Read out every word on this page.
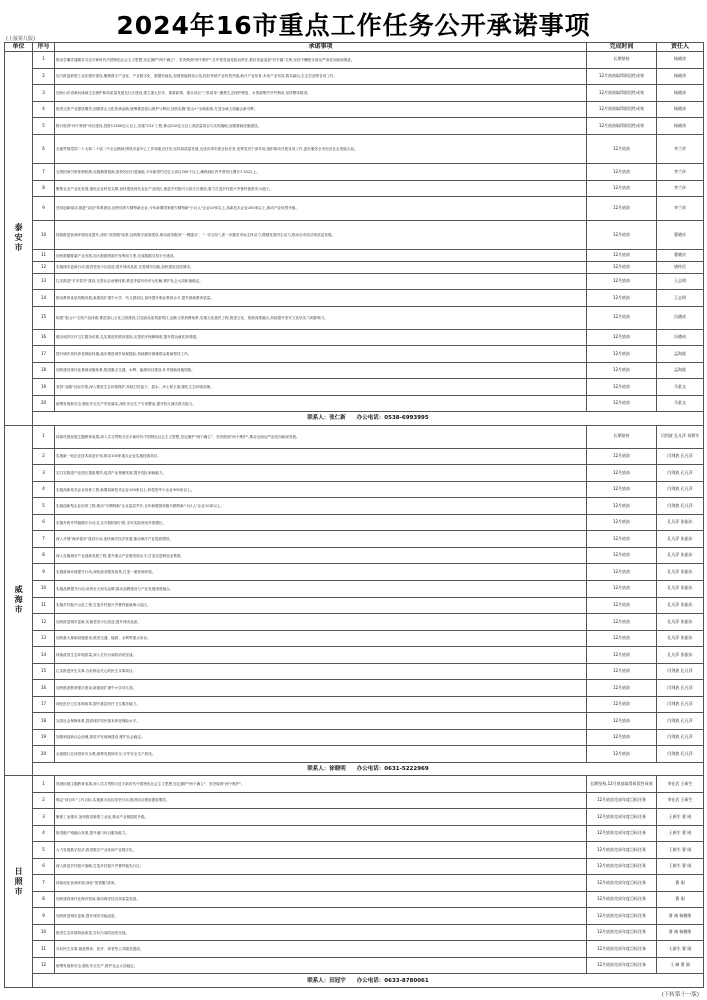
2024年16市重点工作任务公开承诺事项
(上接第九版)
单位	序号	承诺事项	完成时间	责任人
泰安市	1	推动学懂弄通做实习近平新时代中国特色社会主义思想,坚定拥护"两个确立"、坚决做到"两个维护",打牢管党治党政治责任,抓好省委巡视"后半篇"文章,坚持不懈把全面从严治党向纵深推进。	长期坚持	杨晓涛
	2	加力推进新型工业化强市建设,聚焦数字产业化、产业数字化、数据价值化,加强智能制造示范,抓好传统产业转型升级,新兴产业培育,未来产业布局,数实融合,生态打造等各项工作。	12月底前取得阶段性成效	杨晓涛
	3	加快山东省黄河流域生态保护和高质量发展先行区建设,建立重大任务、重要政策、重点项目"三张清单",聚焦生态保护修复、水资源集约节约利用,坚持整体推进。	12月底前取得阶段性成效	杨晓涛
	4	推进文旅产业提质增效,加强泰山文化传承创新,统筹推进泰山保护与利用,加快实施"泰山+"全域旅游,打造全域文旅融合新引擎。	12月底前取得阶段性成效	杨晓涛
	5	推行取得"四个特别"项目建设,投资11500亿元以上,实施"231"工程,推动210亿元以上高质量项目与实现落地,加强基础设施建设。	12月底前取得阶段性成效	杨晓涛
	6	全面贯彻党的二十大和二十届二中全会精神,围绕市委中心工作和重点任务,坚持高质量发展,完成各项年度目标任务,发挥党员干部作用,组织推动开展各项工作,更好服务全市经济社会发展大局。	12月底前	李兰祥
	7	完善招商引资体制机制,实施精准招商,加快项目引进落地,今年新签约过亿元项目200个以上,确保到位内外资同比增长7.5%以上。	12月底前	李兰祥
	8	聚焦农业产业化发展,强化农业科技支撑,加快建设现代农业产业园区,推进乡村振兴示范片区建设,着力打造乡村振兴齐鲁样板泰安示范区。	12月底前	李兰祥
	9	坚持创新驱动,推进"双创"体系建设,加快培育专精特新企业,今年新增国家级专精特新"小巨人"企业10家以上,高新技术企业100家以上,推动产业转型升级。	12月底前	李兰祥
	10	持续推进营商环境优化提升,深化"放管服"改革,加快数字政府建设,推动政务服务"一网通办"、"一次办好",进一步激发市场主体活力,增强发展内生动力,推动全市经济高质量发展。	12月底前	曹晓庆
	11	加快数据要素产业发展,加大数据资源开发利用力度,完成数据交易平台建设。	12月底前	曹晓庆
	12	实施城市更新行动,推进老旧小区改造,提升城市品质,完善城市功能,加快建设宜居城市。	12月底前	唐传民
	13	扎实推进"平安泰安"建设,完善社会治理体系,推进矛盾纠纷多元化解,维护社会大局和谐稳定。	12月底前	王志明
	14	推动教育优质均衡发展,新建改扩建中小学、幼儿园项目,加快提升职业教育水平,提升基础教育质量。	12月底前	王志明
	15	构建"泰山+"文旅产品体系,推进泰山文化公园建设,打造高品质旅游景区,创新文旅消费场景,实施文化惠民工程,推进文化、旅游深度融合,持续提升泰安文化软实力和影响力。	12月底前	冯德成
	16	健全城乡医疗卫生服务体系,扎实推进医联体建设,完善医疗保障制度,提升群众就医获得感。	12月底前	冯德成
	17	提升城乡居民养老保险待遇,稳步推进城乡低保提标,持续做好困难群众救助帮扶工作。	12月底前	孟海波
	18	加快建设现代化基础设施体系,推进重点交通、水利、能源项目建设,补齐基础设施短板。	12月底前	孟海波
	19	坚持"双碳"目标引领,深入推进生态环境保护,持续打好蓝天、碧水、净土保卫战,强化生态环境治理。	12月底前	马景文
	20	统筹发展和安全,强化安全生产责任落实,深化安全生产专项整治,提升防灾减灾救灾能力。	12月底前	马景文
	联系人：张仁新　　办公电话：0538-6993995			
威海市	1	持续巩固拓展主题教育成果,深入学习贯彻习近平新时代中国特色社会主义思想,坚定拥护"两个确立"、坚决做到"两个维护",推动全面从严治党向纵深发展。	长期坚持	闫剑波 孔凡萍 刘炳军
	2	实施新一轮企业技术改造计划,推动100家重点企业实施技改项目。	12月底前	闫剑波 孔凡萍
	3	实打实推进产业园区提质增效,促进产业集聚发展,提升园区承载能力。	12月底前	闫剑波 孔凡萍
	4	实施高新技术企业培育工程,新增高新技术企业100家以上,科技型中小企业300家以上。	12月底前	闫剑波 孔凡萍
	5	实施创新型企业培育工程,推动"专精特新"企业量质齐升,全年新增国家级专精特新"小巨人"企业10家以上。	12月底前	闫剑波 孔凡萍
	6	实施外资外贸稳增长行动,扎实开展招商引资,全年实际使用外资增长。	12月底前	孔凡萍 张振东
	7	深入开展"海洋强市"建设行动,加快海洋经济发展,推动海洋产业提质增效。	12月底前	孔凡萍 张振东
	8	深入实施城市产业创新发展工程,提升重点产业链发展水平,打造先进制造业集群。	12月底前	孔凡萍 张振东
	9	实施营商环境提升行动,深化政务服务改革,打造一流营商环境。	12月底前	孔凡萍 张振东
	10	实施品牌提升行动,培育壮大知名品牌,推动品牌建设与产业发展深度融合。	12月底前	孔凡萍 张振东
	11	实施乡村振兴示范工程,打造乡村振兴齐鲁样板威海示范区。	12月底前	孔凡萍 张振东
	12	加快推进城市更新,实施老旧小区改造,提升城市品质。	12月底前	孔凡萍 张振东
	13	加快重大基础设施建设,推进交通、能源、水利等重点项目。	12月底前	孔凡萍 张振东
	14	持续改善生态环境质量,深入打好污染防治攻坚战。	12月底前	孔凡萍 张振东
	15	扎实推进民生实事,办好群众关心的民生实事项目。	12月底前	闫剑波 孔凡萍
	16	加快推进教育强市建设,新建改扩建中小学幼儿园。	12月底前	闫剑波 孔凡萍
	17	深化医疗卫生体制改革,提升基层医疗卫生服务能力。	12月底前	闫剑波 孔凡萍
	18	完善社会保障体系,提高城乡居民基本养老保险水平。	12月底前	闫剑波 孔凡萍
	19	加强和创新社会治理,推进平安威海建设,维护社会稳定。	12月底前	闫剑波 孔凡萍
	20	全面践行总体国家安全观,统筹发展和安全,守牢安全生产底线。	12月底前	闫剑波 孔凡萍
	联系人：徐晓明　　办公电话：0631-5222969			
日照市	1	巩固拓展主题教育成果,深入学习贯彻习近平新时代中国特色社会主义思想,坚定拥护"两个确立"、坚决做到"两个维护"。	长期坚持,12月底前取得阶段性成效	李在武 王新生
	2	锚定"项目年"工作目标,实施重大项目攻坚行动,推进项目建设提质增效。	12月底前完成年度目标任务	李在武 王新生
	3	聚焦工业强市,加快推进新型工业化,推动产业链提质升级。	12月底前完成年度目标任务	王新生 曹 刚
	4	推进港产城融合发展,提升港口综合服务能力。	12月底前完成年度目标任务	王新生 曹 刚
	5	大力发展数字经济,推进数字产业化和产业数字化。	12月底前完成年度目标任务	王新生 曹 刚
	6	深入推进乡村振兴战略,打造乡村振兴齐鲁样板先行区。	12月底前完成年度目标任务	王新生 曹 刚
	7	持续优化营商环境,深化"放管服"改革。	12月底前完成年度目标任务	曹 刚
	8	加快建设现代化海洋牧场,推动海洋经济高质量发展。	12月底前完成年度目标任务	曹 刚
	9	加快推进城市更新,提升城市功能品质。	12月底前完成年度目标任务	曹 刚 杨德维
	10	推进生态环境持续改善,打好污染防治攻坚战。	12月底前完成年度目标任务	曹 刚 杨德维
	11	办好民生实事,推进教育、医疗、养老等公共服务提质。	12月底前完成年度目标任务	王新生 曹 刚
	12	统筹发展和安全,强化安全生产,维护社会大局稳定。	12月底前完成年度目标任务	王 峰 曹 刚
	联系人：田冠宇　　办公电话：0633-8780061			
(下转第十一版)
